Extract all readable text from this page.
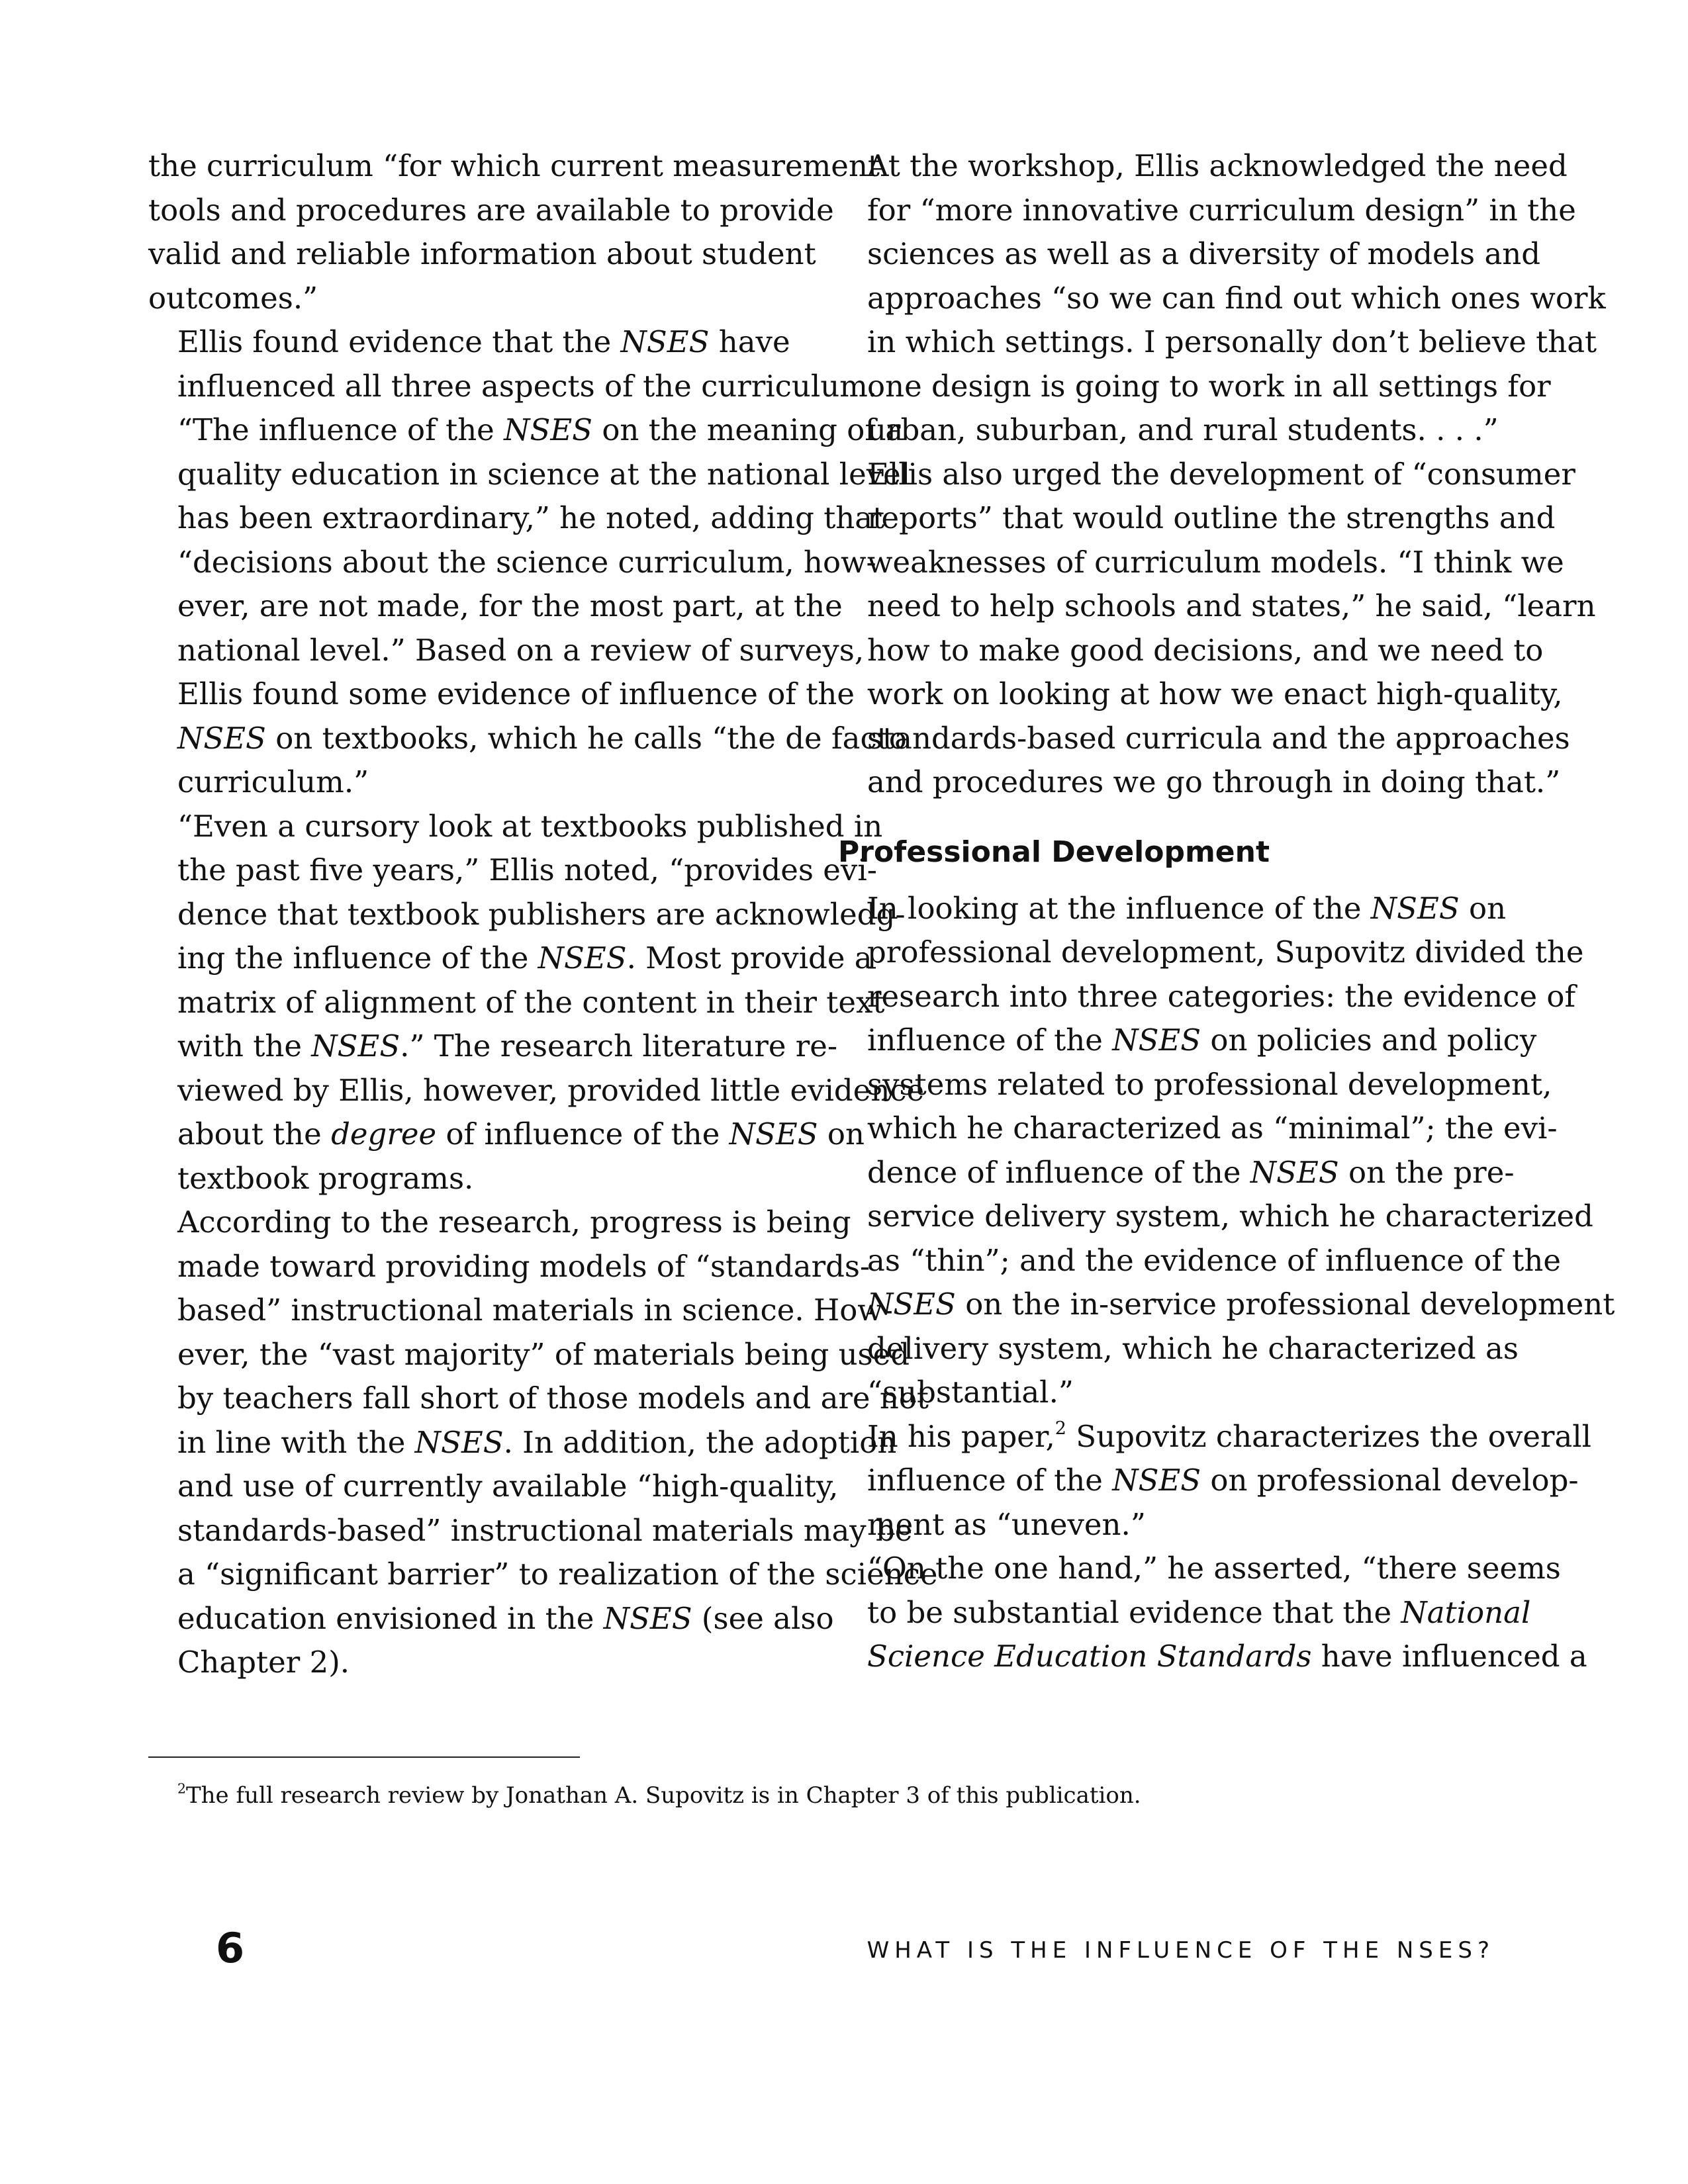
the curriculum “for which current measurement
tools and procedures are available to provide
valid and reliable information about student
outcomes.”

Ellis found evidence that the NSES have
influenced all three aspects of the curriculum.
“The influence of the NSES on the meaning of a
quality education in science at the national level
has been extraordinary,” he noted, adding that
“decisions about the science curriculum, how-
ever, are not made, for the most part, at the
national level.” Based on a review of surveys,
Ellis found some evidence of influence of the
NSES on textbooks, which he calls “the de facto
curriculum.”

“Even a cursory look at textbooks published in
the past five years,” Ellis noted, “provides evi-
dence that textbook publishers are acknowledg-
ing the influence of the NSES. Most provide a
matrix of alignment of the content in their text
with the NSES.” The research literature re-
viewed by Ellis, however, provided little evidence
about the degree of influence of the NSES on
textbook programs.

According to the research, progress is being
made toward providing models of “standards-
based” instructional materials in science. How-
ever, the “vast majority” of materials being used
by teachers fall short of those models and are not
in line with the NSES. In addition, the adoption
and use of currently available “high-quality,
standards-based” instructional materials may be
a “significant barrier” to realization of the science
education envisioned in the NSES (see also
Chapter 2).

At the workshop, Ellis acknowledged the need
for “more innovative curriculum design” in the
sciences as well as a diversity of models and
approaches “so we can find out which ones work
in which settings. I personally don’t believe that
one design is going to work in all settings for
urban, suburban, and rural students. . . .”

Ellis also urged the development of “consumer
reports” that would outline the strengths and
weaknesses of curriculum models. “I think we
need to help schools and states,” he said, “learn
how to make good decisions, and we need to
work on looking at how we enact high-quality,
standards-based curricula and the approaches
and procedures we go through in doing that.”

Professional Development

In looking at the influence of the NSES on
professional development, Supovitz divided the
research into three categories: the evidence of
influence of the NSES on policies and policy
systems related to professional development,
which he characterized as “minimal”; the evi-
dence of influence of the NSES on the pre-
service delivery system, which he characterized
as “thin”; and the evidence of influence of the
NSES on the in-service professional development
delivery system, which he characterized as
“substantial.”

In his paper,$^2$ Supovitz characterizes the overall
influence of the NSES on professional develop-
ment as “uneven.”

“On the one hand,” he asserted, “there seems
to be substantial evidence that the National
Science Education Standards have influenced a

$^2$The full research review by Jonathan A. Supovitz is in Chapter 3 of this publication.
6	WHAT IS THE INFLUENCE OF THE NSES?
